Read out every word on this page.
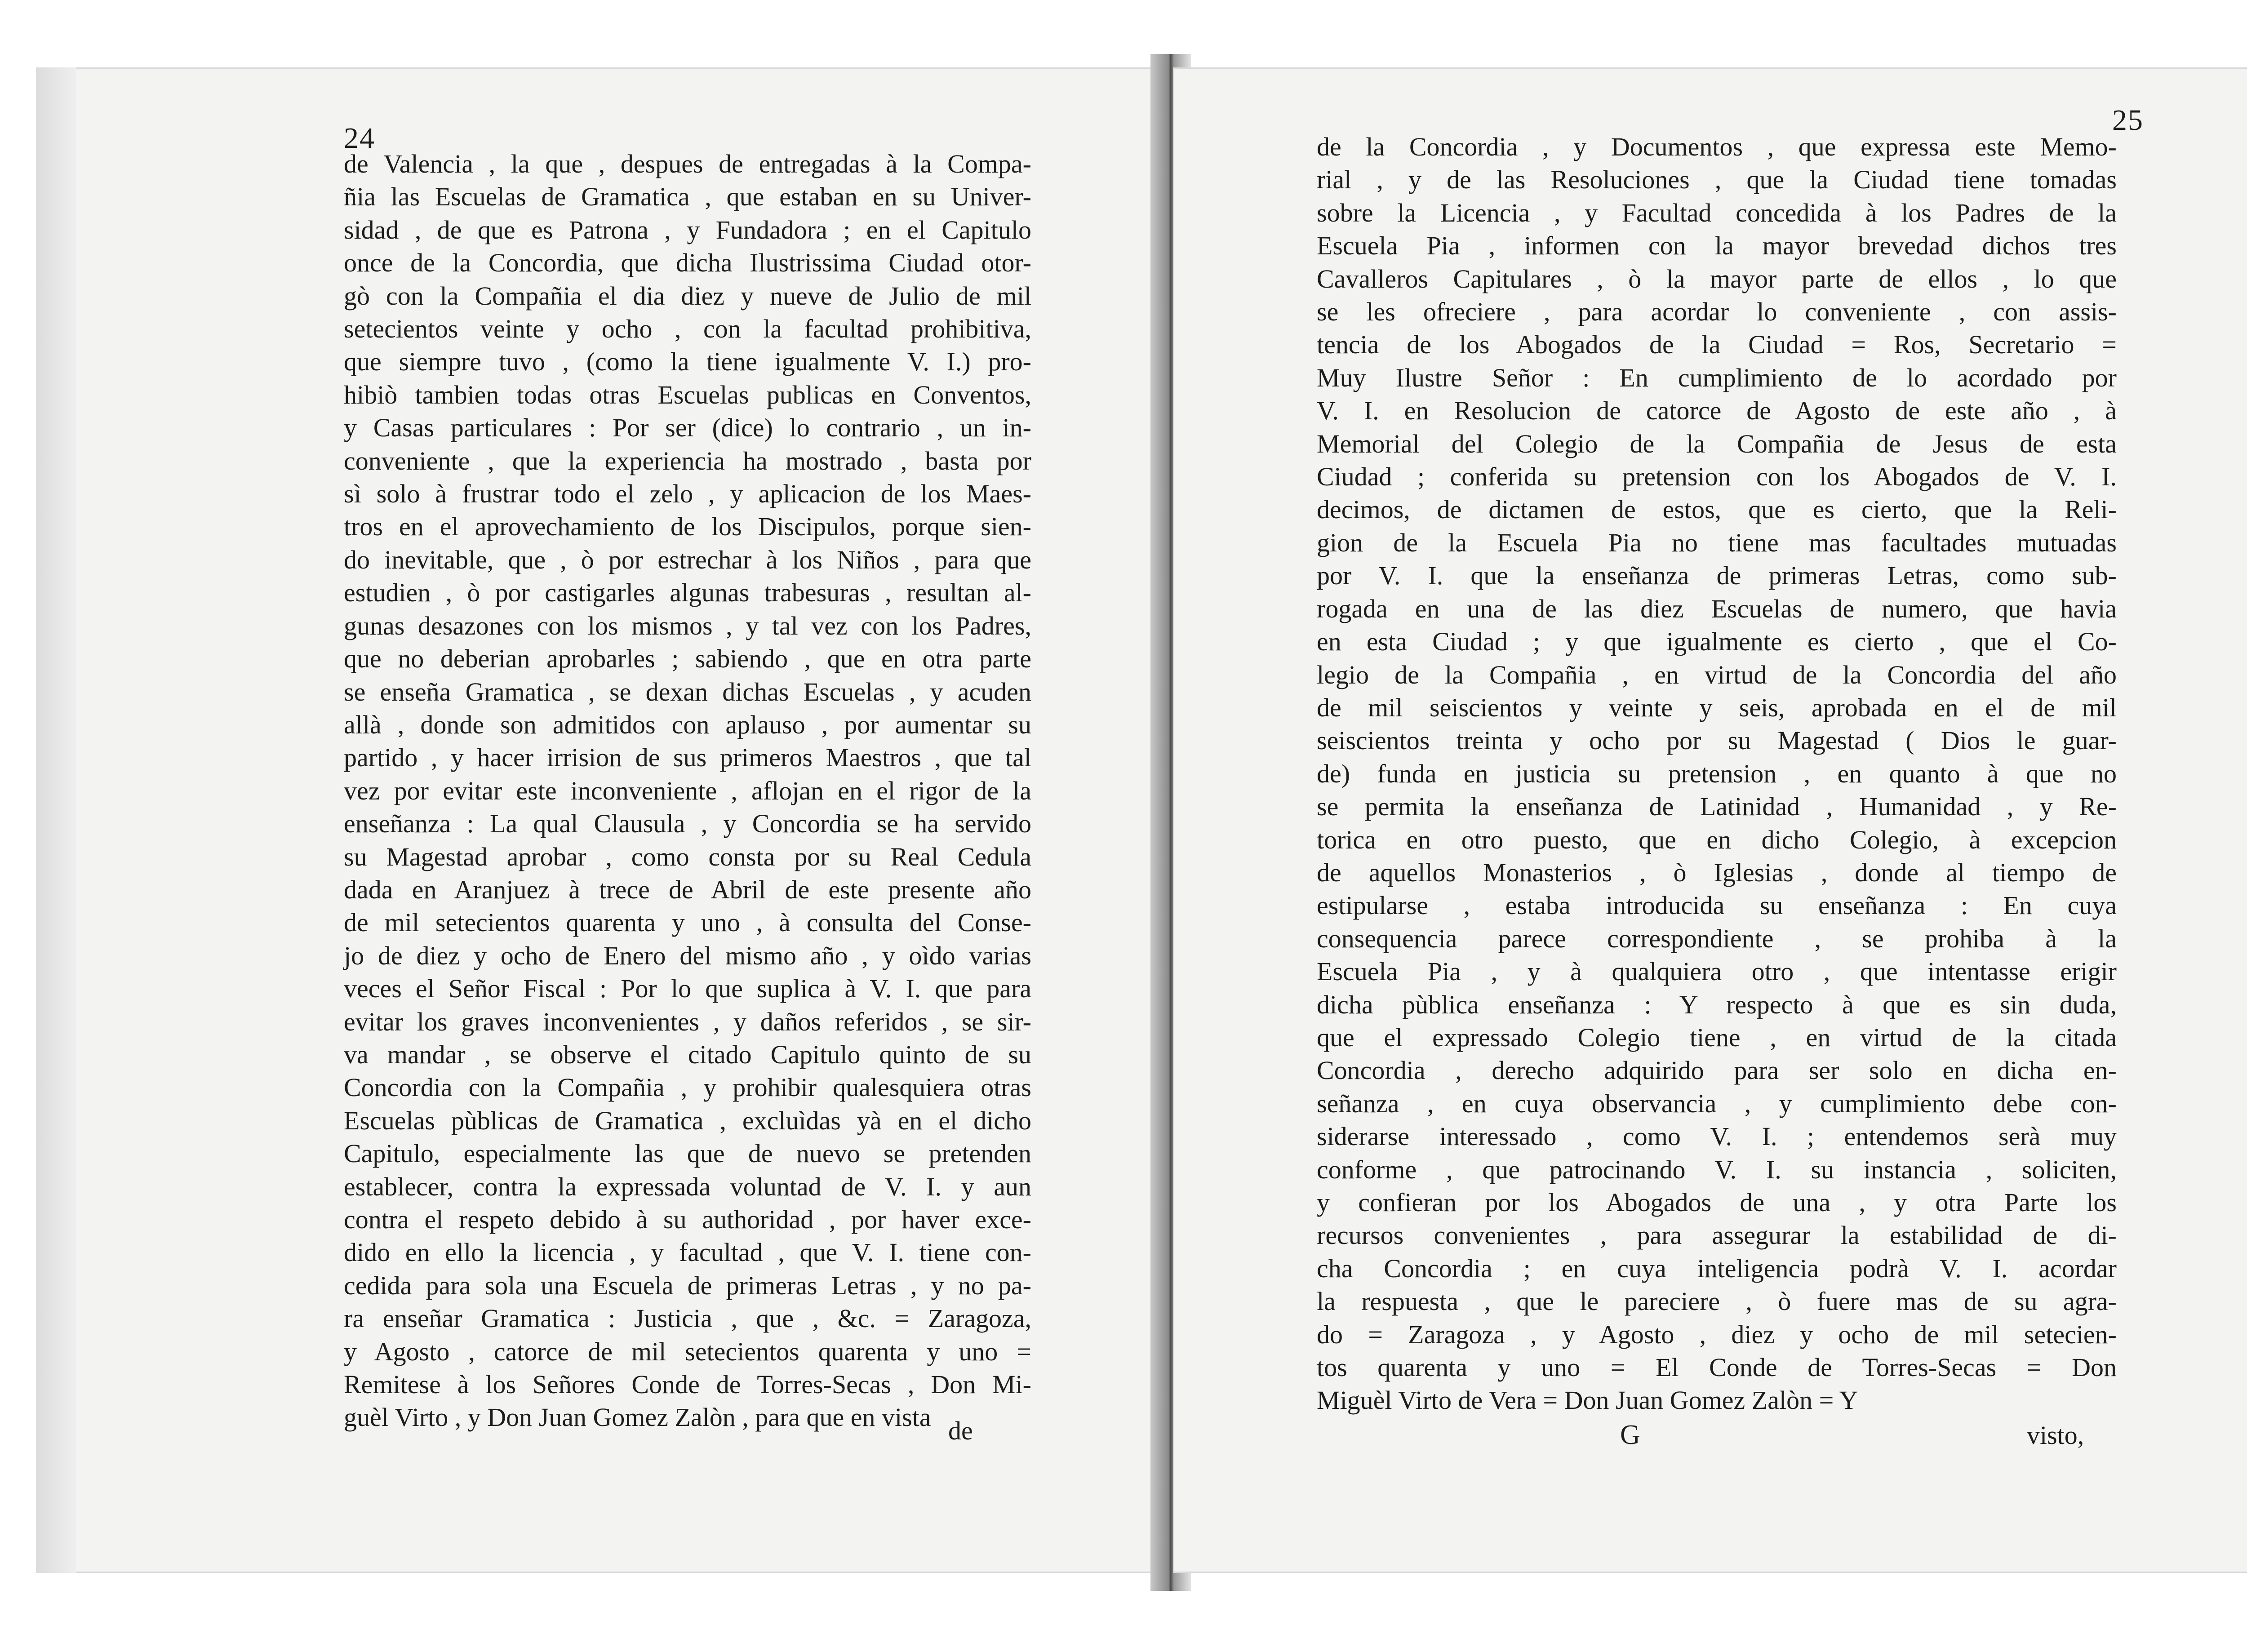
24
de Valencia , la que , despues de entregadas à la Compa-
ñia las Escuelas de Gramatica , que estaban en su Univer-
sidad , de que es Patrona , y Fundadora ; en el Capitulo
once de la Concordia, que dicha Ilustrissima Ciudad otor-
gò con la Compañia el dia diez y nueve de Julio de mil
setecientos veinte y ocho , con la facultad prohibitiva,
que siempre tuvo , (como la tiene igualmente V. I.) pro-
hibiò tambien todas otras Escuelas publicas en Conventos,
y Casas particulares : Por ser (dice) lo contrario , un in-
conveniente , que la experiencia ha mostrado , basta por
sì solo à frustrar todo el zelo , y aplicacion de los Maes-
tros en el aprovechamiento de los Discipulos, porque sien-
do inevitable, que , ò por estrechar à los Niños , para que
estudien , ò por castigarles algunas trabesuras , resultan al-
gunas desazones con los mismos , y tal vez con los Padres,
que no deberian aprobarles ; sabiendo , que en otra parte
se enseña Gramatica , se dexan dichas Escuelas , y acuden
allà , donde son admitidos con aplauso , por aumentar su
partido , y hacer irrision de sus primeros Maestros , que tal
vez por evitar este inconveniente , aflojan en el rigor de la
enseñanza : La qual Clausula , y Concordia se ha servido
su Magestad aprobar , como consta por su Real Cedula
dada en Aranjuez à trece de Abril de este presente año
de mil setecientos quarenta y uno , à consulta del Conse-
jo de diez y ocho de Enero del mismo año , y oìdo varias
veces el Señor Fiscal : Por lo que suplica à V. I. que para
evitar los graves inconvenientes , y daños referidos , se sir-
va mandar , se observe el citado Capitulo quinto de su
Concordia con la Compañia , y prohibir qualesquiera otras
Escuelas pùblicas de Gramatica , excluìdas yà en el dicho
Capitulo, especialmente las que de nuevo se pretenden
establecer, contra la expressada voluntad de V. I. y aun
contra el respeto debido à su authoridad , por haver exce-
dido en ello la licencia , y facultad , que V. I. tiene con-
cedida para sola una Escuela de primeras Letras , y no pa-
ra enseñar Gramatica : Justicia , que , &c. = Zaragoza,
y Agosto , catorce de mil setecientos quarenta y uno =
Remitese à los Señores Conde de Torres-Secas , Don Mi-
guèl Virto , y Don Juan Gomez Zalòn , para que en vista de
25
de la Concordia , y Documentos , que expressa este Memo-
rial , y de las Resoluciones , que la Ciudad tiene tomadas
sobre la Licencia , y Facultad concedida à los Padres de la
Escuela Pia , informen con la mayor brevedad dichos tres
Cavalleros Capitulares , ò la mayor parte de ellos , lo que
se les ofreciere , para acordar lo conveniente , con assis-
tencia de los Abogados de la Ciudad = Ros, Secretario =
Muy Ilustre Señor : En cumplimiento de lo acordado por
V. I. en Resolucion de catorce de Agosto de este año , à
Memorial del Colegio de la Compañia de Jesus de esta
Ciudad ; conferida su pretension con los Abogados de V. I.
decimos, de dictamen de estos, que es cierto, que la Reli-
gion de la Escuela Pia no tiene mas facultades mutuadas
por V. I. que la enseñanza de primeras Letras, como sub-
rogada en una de las diez Escuelas de numero, que havia
en esta Ciudad ; y que igualmente es cierto , que el Co-
legio de la Compañia , en virtud de la Concordia del año
de mil seiscientos y veinte y seis, aprobada en el de mil
seiscientos treinta y ocho por su Magestad ( Dios le guar-
de) funda en justicia su pretension , en quanto à que no
se permita la enseñanza de Latinidad , Humanidad , y Re-
torica en otro puesto, que en dicho Colegio, à excepcion
de aquellos Monasterios , ò Iglesias , donde al tiempo de
estipularse , estaba introducida su enseñanza : En cuya
consequencia parece correspondiente , se prohiba à la
Escuela Pia , y à qualquiera otro , que intentasse erigir
dicha pùblica enseñanza : Y respecto à que es sin duda,
que el expressado Colegio tiene , en virtud de la citada
Concordia , derecho adquirido para ser solo en dicha en-
señanza , en cuya observancia , y cumplimiento debe con-
siderarse interessado , como V. I. ; entendemos serà muy
conforme , que patrocinando V. I. su instancia , soliciten,
y confieran por los Abogados de una , y otra Parte los
recursos convenientes , para assegurar la estabilidad de di-
cha Concordia ; en cuya inteligencia podrà V. I. acordar
la respuesta , que le pareciere , ò fuere mas de su agra-
do = Zaragoza , y Agosto , diez y ocho de mil setecien-
tos quarenta y uno = El Conde de Torres-Secas = Don
Miguèl Virto de Vera = Don Juan Gomez Zalòn = Y
G	visto,
